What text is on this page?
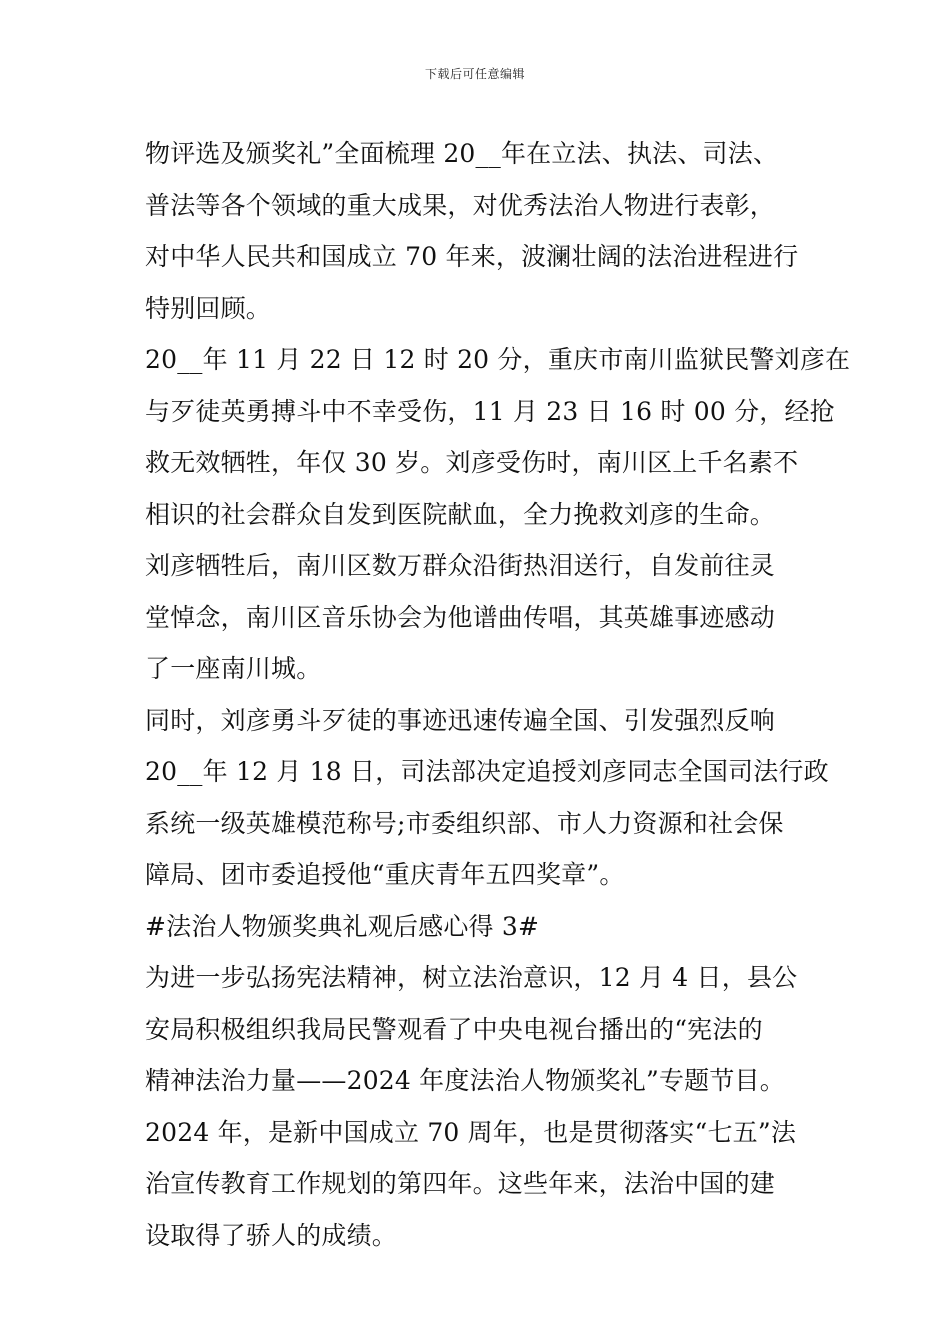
下载后可任意编辑
物评选及颁奖礼”全面梳理 20__年在立法、执法、司法、
普法等各个领域的重大成果，对优秀法治人物进行表彰，
对中华人民共和国成立 70 年来，波澜壮阔的法治进程进行
特别回顾。
20__年 11 月 22 日 12 时 20 分，重庆市南川监狱民警刘彦在
与歹徒英勇搏斗中不幸受伤，11 月 23 日 16 时 00 分，经抢
救无效牺牲，年仅 30 岁。刘彦受伤时，南川区上千名素不
相识的社会群众自发到医院献血，全力挽救刘彦的生命。
刘彦牺牲后，南川区数万群众沿街热泪送行，自发前往灵
堂悼念，南川区音乐协会为他谱曲传唱，其英雄事迹感动
了一座南川城。
同时，刘彦勇斗歹徒的事迹迅速传遍全国、引发强烈反响
20__年 12 月 18 日，司法部决定追授刘彦同志全国司法行政
系统一级英雄模范称号;市委组织部、市人力资源和社会保
障局、团市委追授他“重庆青年五四奖章”。
#法治人物颁奖典礼观后感心得 3#
为进一步弘扬宪法精神，树立法治意识，12 月 4 日，县公
安局积极组织我局民警观看了中央电视台播出的“宪法的
精神法治力量——2024 年度法治人物颁奖礼”专题节目。
2024 年，是新中国成立 70 周年，也是贯彻落实“七五”法
治宣传教育工作规划的第四年。这些年来，法治中国的建
设取得了骄人的成绩。
